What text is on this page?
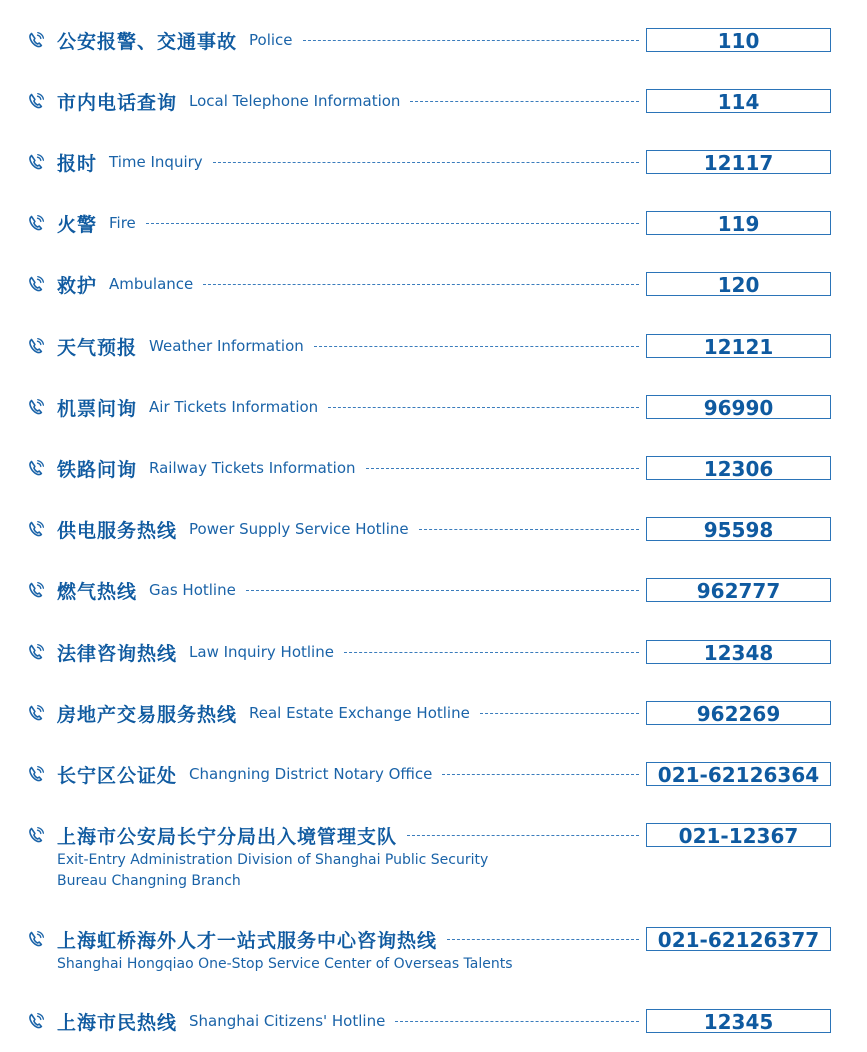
公安报警、交通事故 Police	110
市内电话查询 Local Telephone Information	114
报时 Time Inquiry	12117
火警 Fire	119
救护 Ambulance	120
天气预报 Weather Information	12121
机票问询 Air Tickets Information	96990
铁路问询 Railway Tickets Information	12306
供电服务热线 Power Supply Service Hotline	95598
燃气热线 Gas Hotline	962777
法律咨询热线 Law Inquiry Hotline	12348
房地产交易服务热线 Real Estate Exchange Hotline	962269
长宁区公证处 Changning District Notary Office	021-62126364
上海市公安局长宁分局出入境管理支队	021-12367
Exit-Entry Administration Division of Shanghai Public Security
Bureau Changning Branch
上海虹桥海外人才一站式服务中心咨询热线	021-62126377
Shanghai Hongqiao One-Stop Service Center of Overseas Talents
上海市民热线 Shanghai Citizens' Hotline	12345
